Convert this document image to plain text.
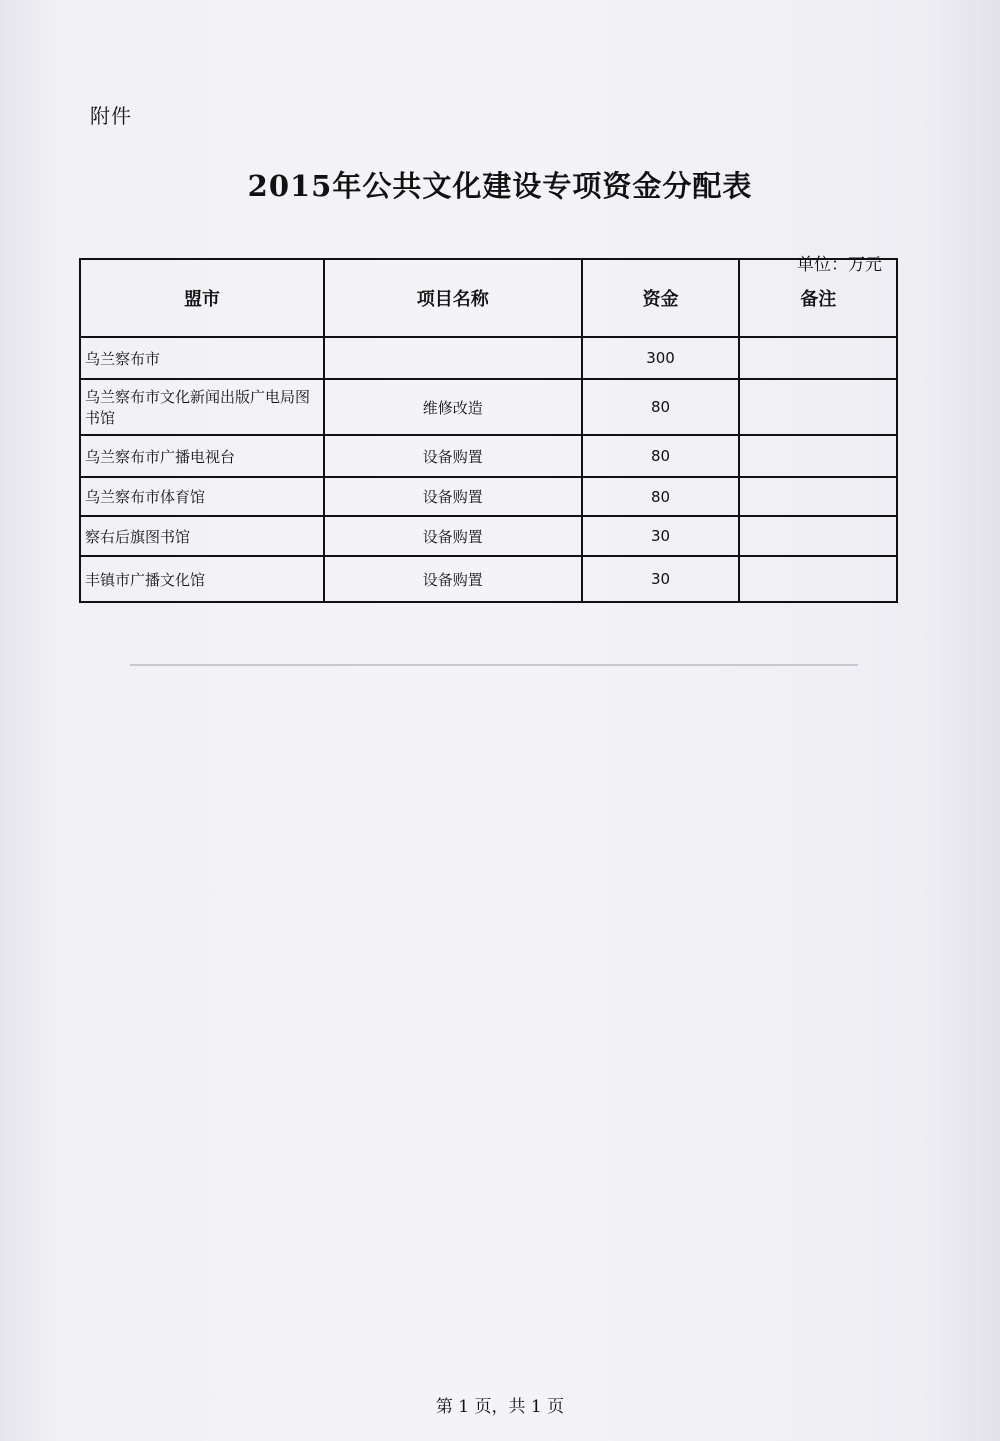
附件
2015年公共文化建设专项资金分配表
单位：万元
盟市	项目名称	资金	备注
乌兰察布市		300	
乌兰察布市文化新闻出版广电局图书馆	维修改造	80	
乌兰察布市广播电视台	设备购置	80	
乌兰察布市体育馆	设备购置	80	
察右后旗图书馆	设备购置	30	
丰镇市广播文化馆	设备购置	30	
第 1 页，共 1 页
